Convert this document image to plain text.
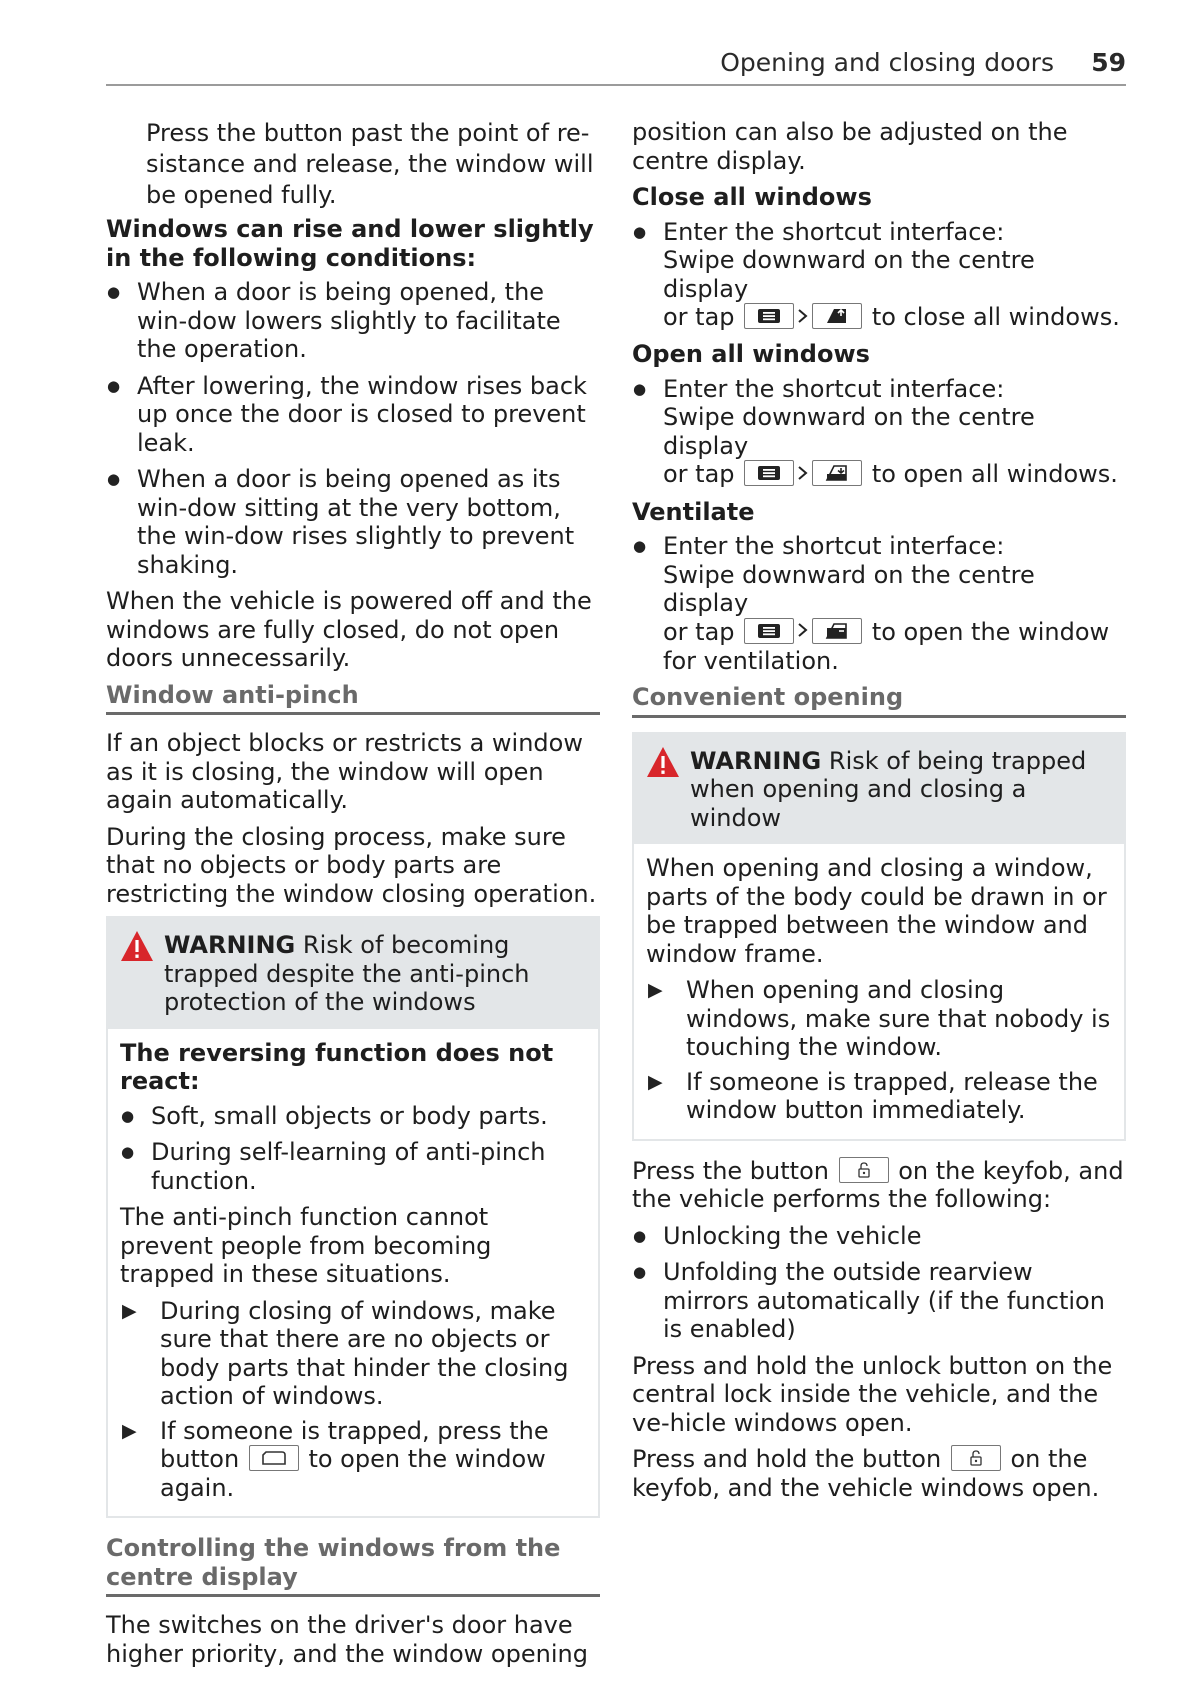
Opening and closing doors 59
Press the button past the point of re-
sistance and release, the window will
be opened fully.

Windows can rise and lower slightly in the following conditions:

● When a door is being opened, the win-dow lowers slightly to facilitate the operation.
● After lowering, the window rises back up once the door is closed to prevent leak.
● When a door is being opened as its win-dow sitting at the very bottom, the win-dow rises slightly to prevent shaking.

When the vehicle is powered off and the windows are fully closed, do not open doors unnecessarily.

Window anti-pinch

If an object blocks or restricts a window as it is closing, the window will open again automatically.

During the closing process, make sure that no objects or body parts are restricting the window closing operation.

WARNING Risk of becoming trapped despite the anti-pinch protection of the windows

The reversing function does not react:

● Soft, small objects or body parts.
● During self-learning of anti-pinch function.

The anti-pinch function cannot prevent people from becoming trapped in these situations.

▶ During closing of windows, make sure that there are no objects or body parts that hinder the closing action of windows.
▶ If someone is trapped, press the button	to open the window again.
Controlling the windows from the centre display

The switches on the driver's door have higher priority, and the window opening

position can also be adjusted on the centre display.

Close all windows

● Enter the shortcut interface:
Swipe downward on the centre display
or tap	to close all windows.

Open all windows

● Enter the shortcut interface:
Swipe downward on the centre display
or tap	to open all windows.

Ventilate

● Enter the shortcut interface:
Swipe downward on the centre display
or tap	to open the window
for ventilation.
Convenient opening
WARNING Risk of being trapped when opening and closing a window

When opening and closing a window, parts of the body could be drawn in or be trapped between the window and window frame.

▶ When opening and closing windows, make sure that nobody is touching the window.
▶ If someone is trapped, release the window button immediately.

Press the button	on the keyfob, and the vehicle performs the following:

● Unlocking the vehicle
● Unfolding the outside rearview mirrors automatically (if the function is enabled)

Press and hold the unlock button on the central lock inside the vehicle, and the ve-hicle windows open.

Press and hold the button	on the keyfob, and the vehicle windows open.
